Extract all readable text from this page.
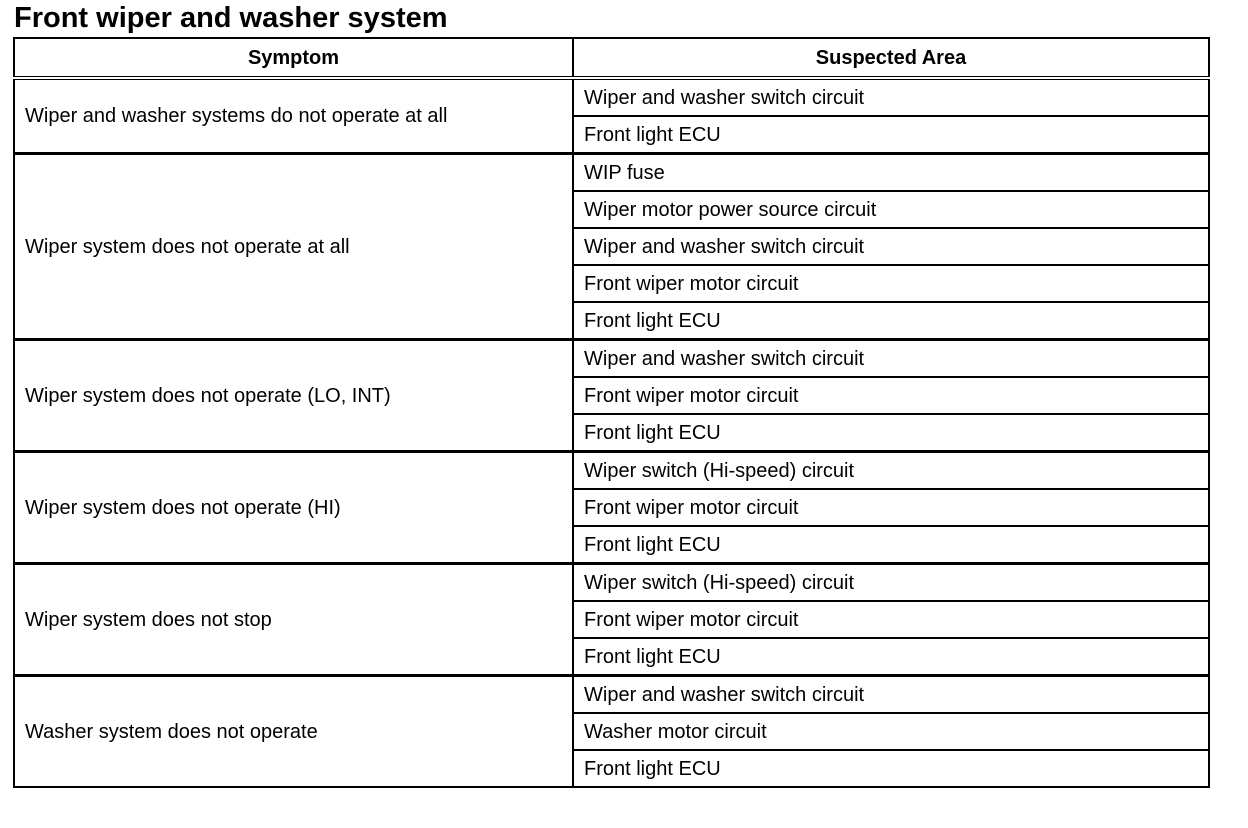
Front wiper and washer system
Symptom	Suspected Area
Wiper and washer systems do not operate at all	Wiper and washer switch circuit
	Front light ECU
Wiper system does not operate at all	WIP fuse
	Wiper motor power source circuit
	Wiper and washer switch circuit
	Front wiper motor circuit
	Front light ECU
Wiper system does not operate (LO, INT)	Wiper and washer switch circuit
	Front wiper motor circuit
	Front light ECU
Wiper system does not operate (HI)	Wiper switch (Hi-speed) circuit
	Front wiper motor circuit
	Front light ECU
Wiper system does not stop	Wiper switch (Hi-speed) circuit
	Front wiper motor circuit
	Front light ECU
Washer system does not operate	Wiper and washer switch circuit
	Washer motor circuit
	Front light ECU
